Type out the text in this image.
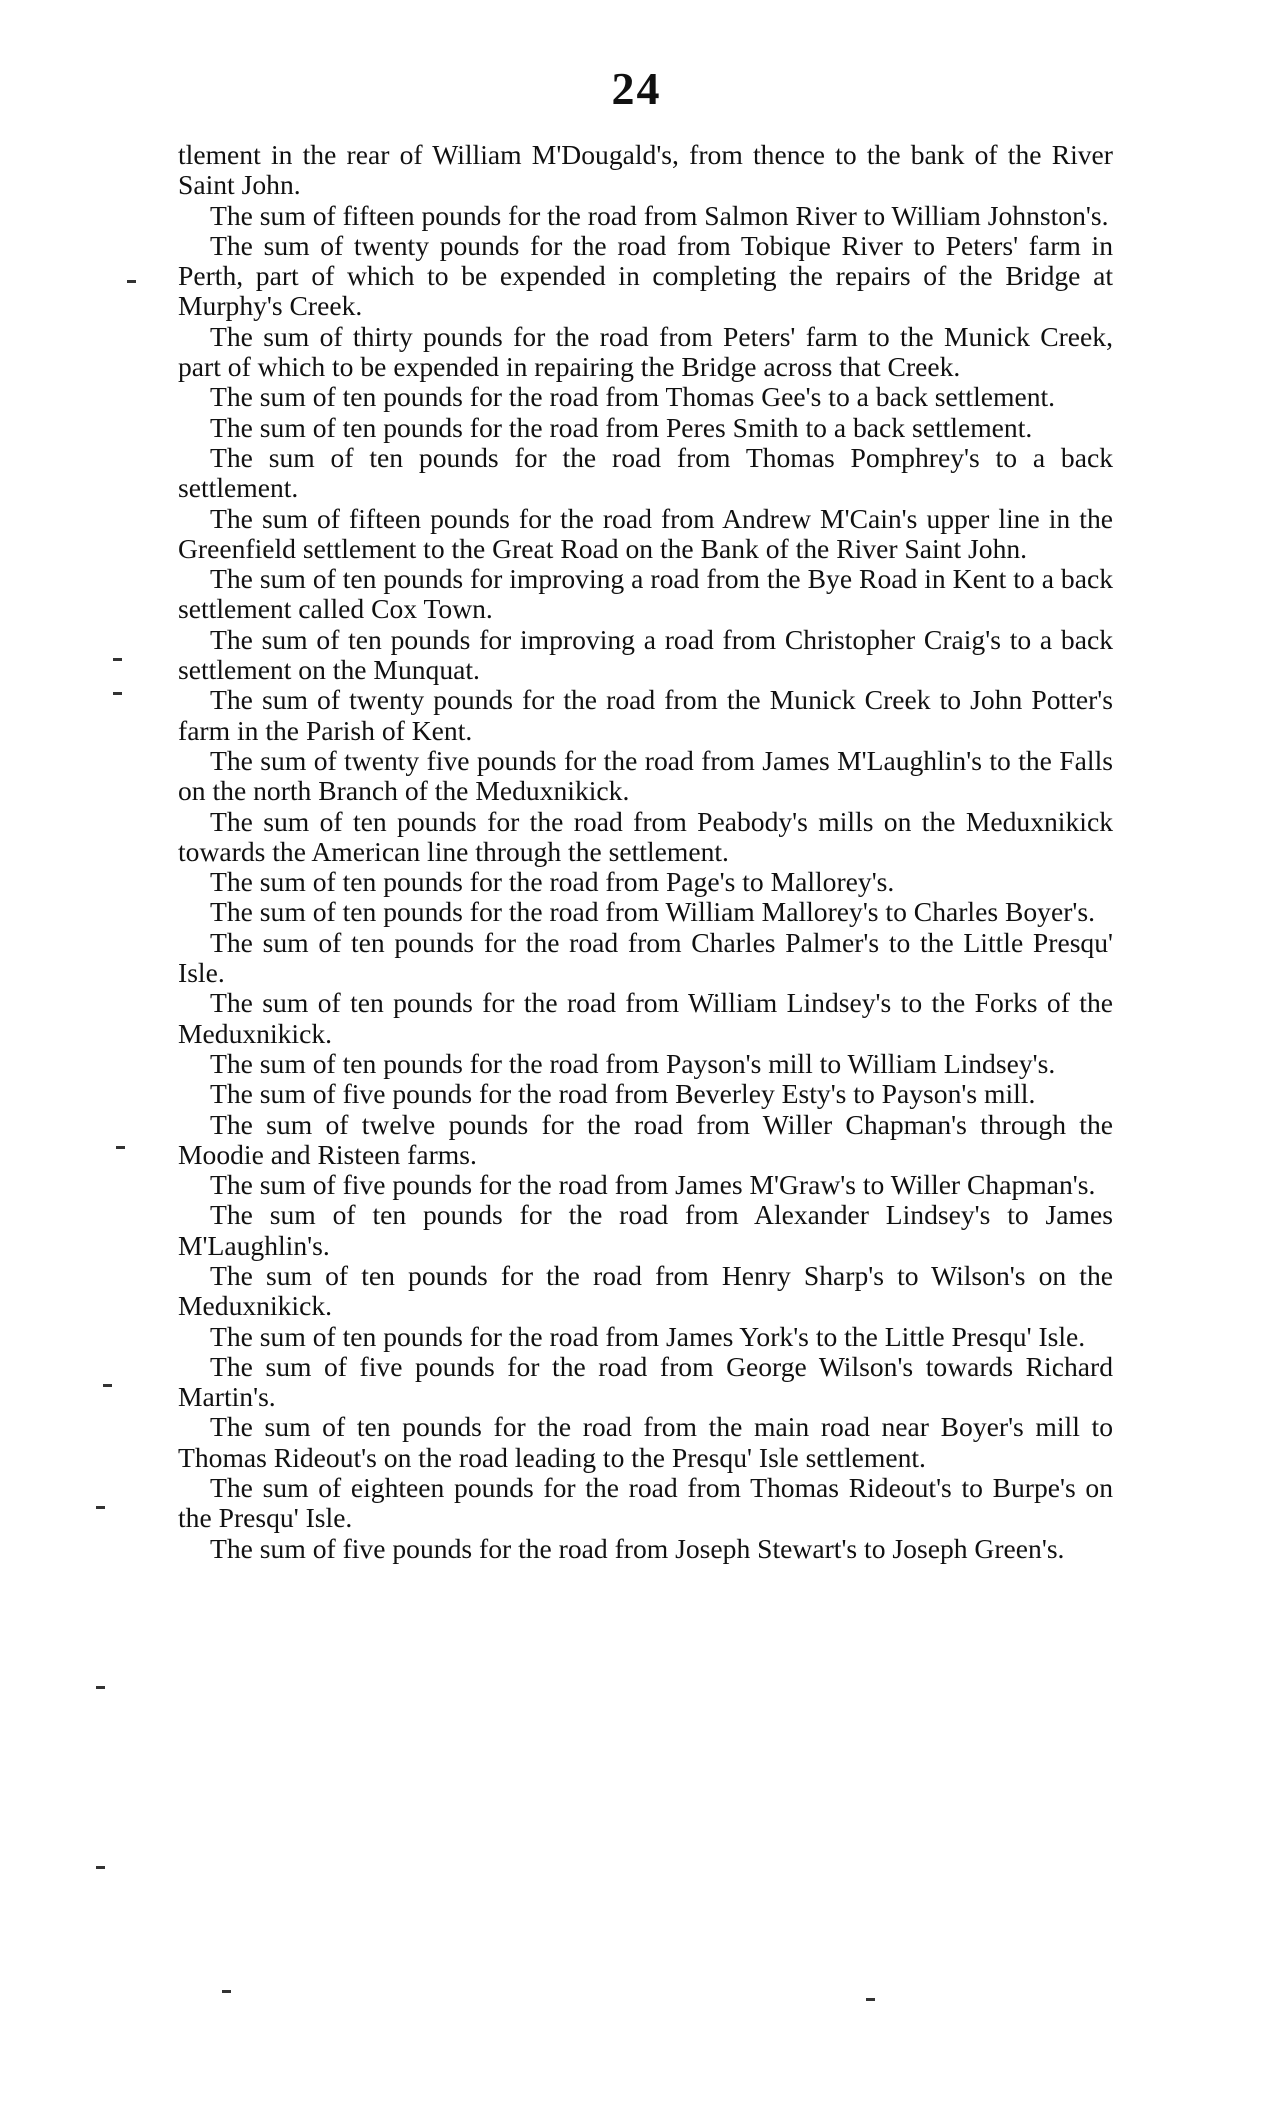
24

tlement in the rear of William M'Dougald's, from thence to the bank of the River Saint John.

The sum of fifteen pounds for the road from Salmon River to William Johnston's.

The sum of twenty pounds for the road from Tobique River to Peters' farm in Perth, part of which to be expended in completing the repairs of the Bridge at Murphy's Creek.

The sum of thirty pounds for the road from Peters' farm to the Munick Creek, part of which to be expended in repairing the Bridge across that Creek.

The sum of ten pounds for the road from Thomas Gee's to a back settlement.

The sum of ten pounds for the road from Peres Smith to a back settlement.

The sum of ten pounds for the road from Thomas Pomphrey's to a back settlement.

The sum of fifteen pounds for the road from Andrew M'Cain's upper line in the Greenfield settlement to the Great Road on the Bank of the River Saint John.

The sum of ten pounds for improving a road from the Bye Road in Kent to a back settlement called Cox Town.

The sum of ten pounds for improving a road from Christopher Craig's to a back settlement on the Munquat.

The sum of twenty pounds for the road from the Munick Creek to John Potter's farm in the Parish of Kent.

The sum of twenty five pounds for the road from James M'Laughlin's to the Falls on the north Branch of the Meduxnikick.

The sum of ten pounds for the road from Peabody's mills on the Meduxnikick towards the American line through the settlement.

The sum of ten pounds for the road from Page's to Mallorey's.

The sum of ten pounds for the road from William Mallorey's to Charles Boyer's.

The sum of ten pounds for the road from Charles Palmer's to the Little Presqu' Isle.

The sum of ten pounds for the road from William Lindsey's to the Forks of the Meduxnikick.

The sum of ten pounds for the road from Payson's mill to William Lindsey's.

The sum of five pounds for the road from Beverley Esty's to Payson's mill.

The sum of twelve pounds for the road from Willer Chapman's through the Moodie and Risteen farms.

The sum of five pounds for the road from James M'Graw's to Willer Chapman's.

The sum of ten pounds for the road from Alexander Lindsey's to James M'Laughlin's.

The sum of ten pounds for the road from Henry Sharp's to Wilson's on the Meduxnikick.

The sum of ten pounds for the road from James York's to the Little Presqu' Isle.

The sum of five pounds for the road from George Wilson's towards Richard Martin's.

The sum of ten pounds for the road from the main road near Boyer's mill to Thomas Rideout's on the road leading to the Presqu' Isle settlement.

The sum of eighteen pounds for the road from Thomas Rideout's to Burpe's on the Presqu' Isle.

The sum of five pounds for the road from Joseph Stewart's to Joseph Green's.
